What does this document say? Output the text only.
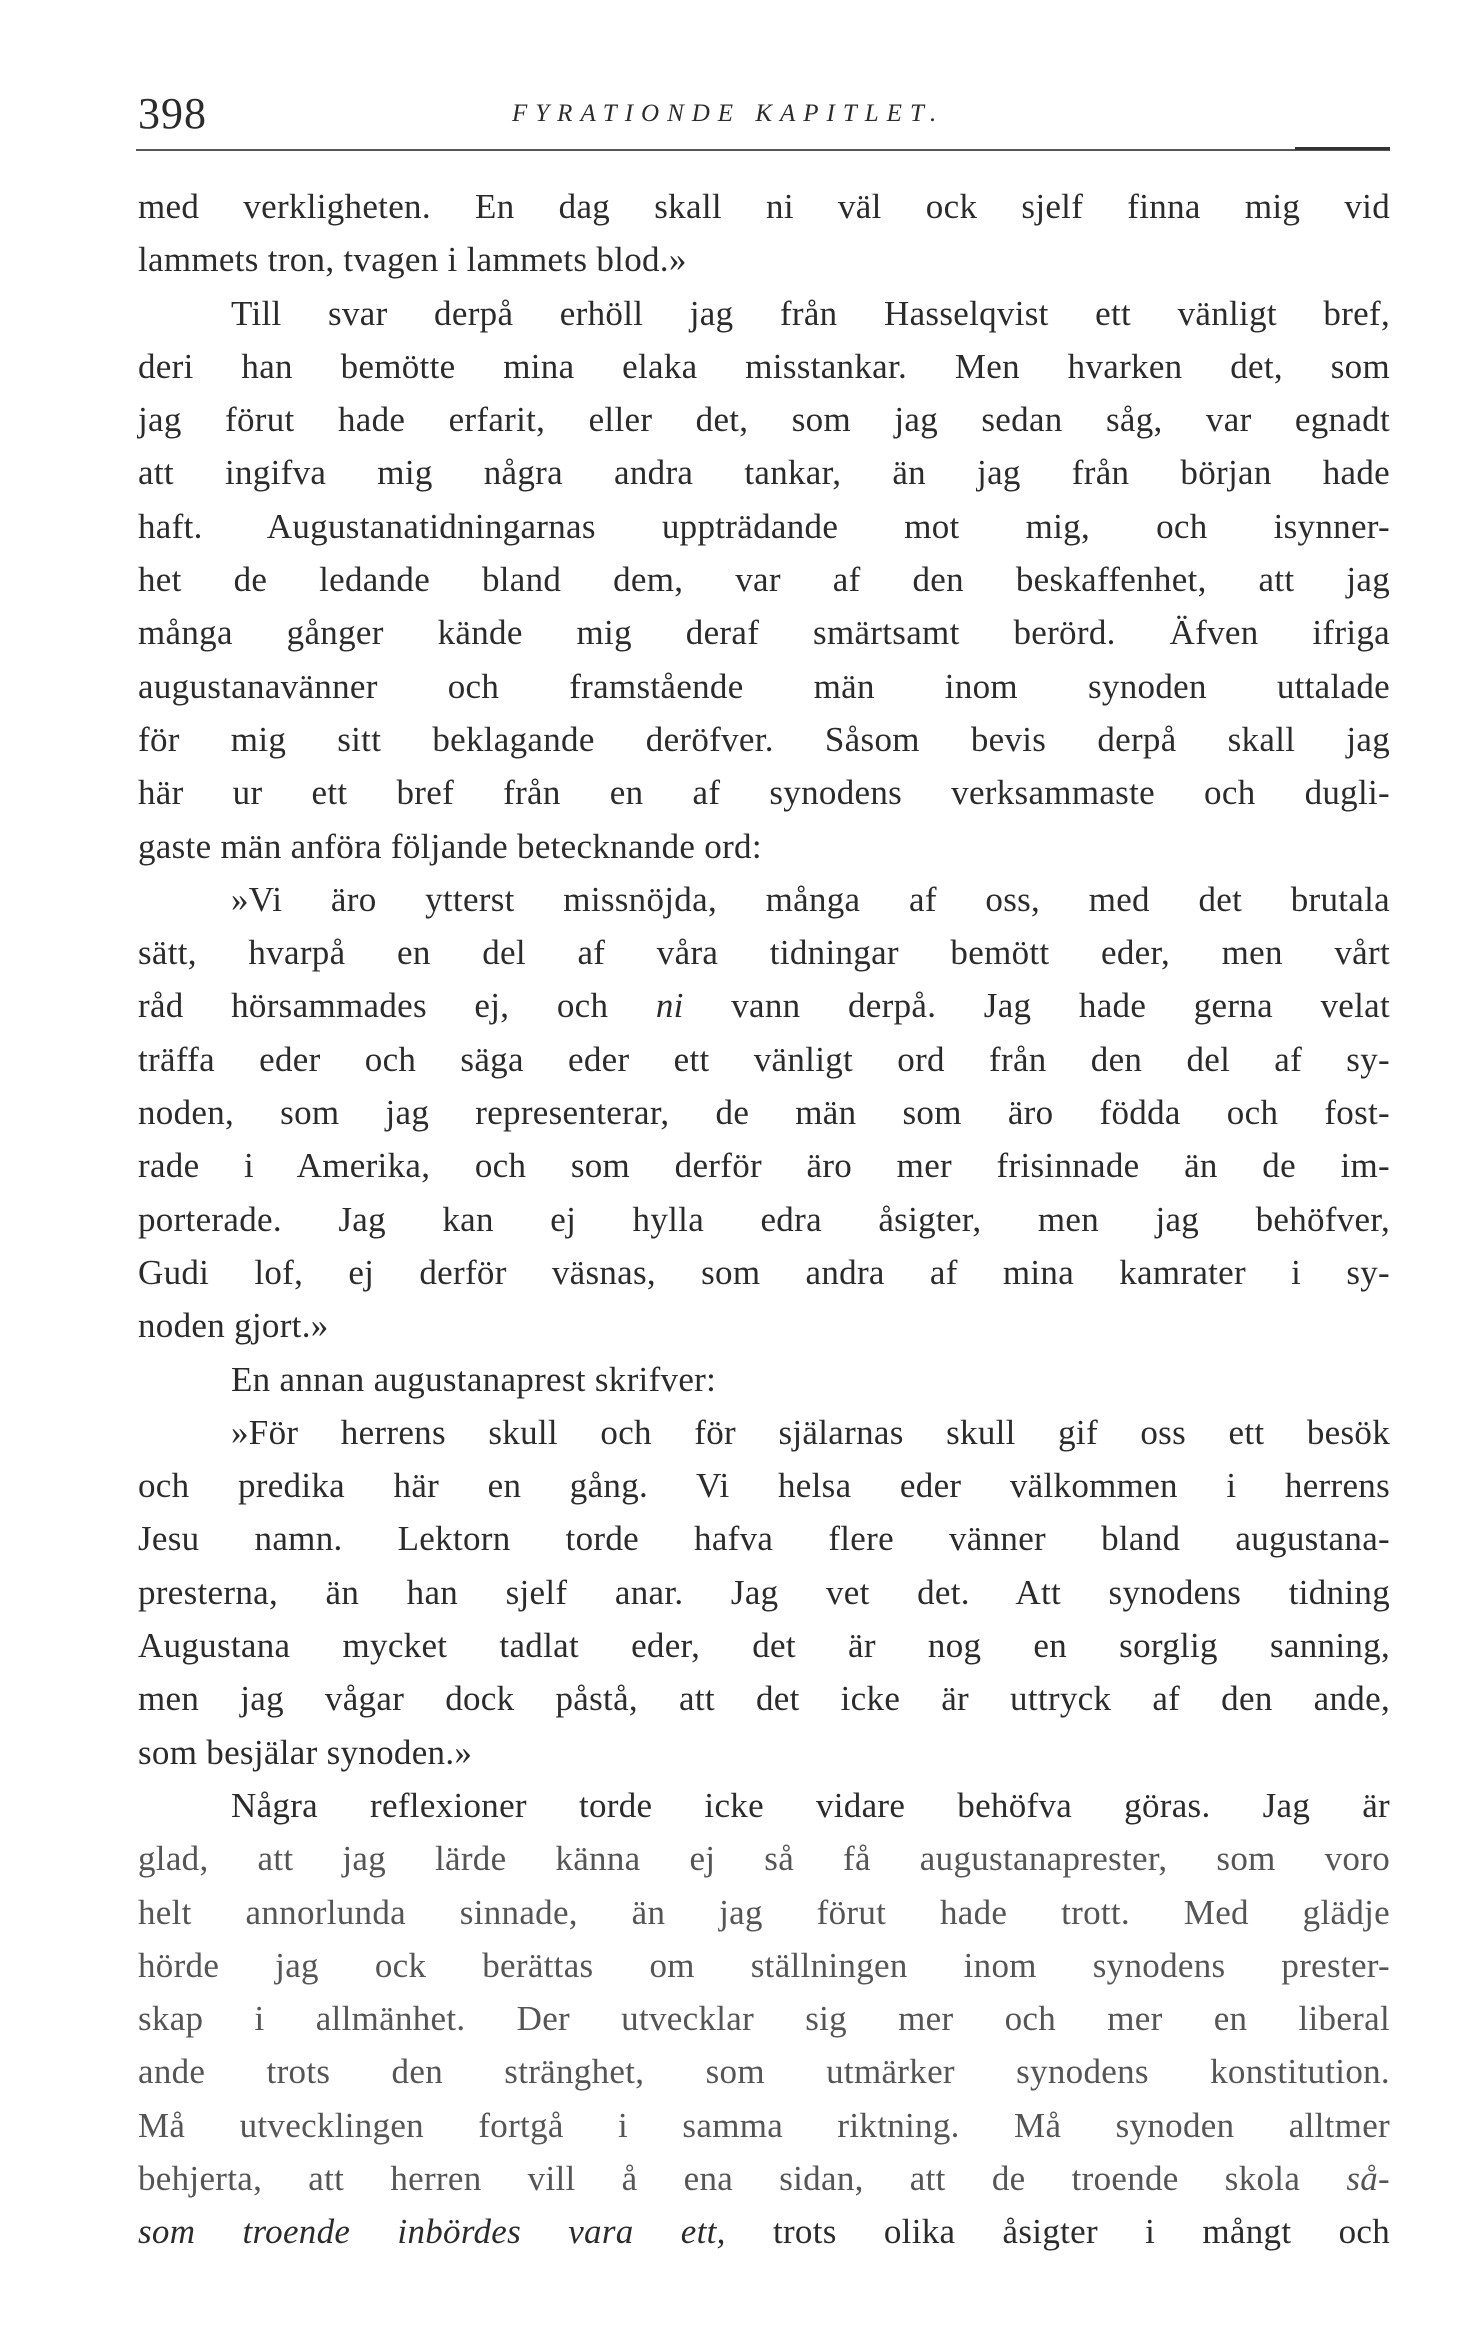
398	FYRATIONDE KAPITLET.
med verkligheten. En dag skall ni väl ock sjelf finna mig vid
lammets tron, tvagen i lammets blod.»
Till svar derpå erhöll jag från Hasselqvist ett vänligt bref,
deri han bemötte mina elaka misstankar. Men hvarken det, som
jag förut hade erfarit, eller det, som jag sedan såg, var egnadt
att ingifva mig några andra tankar, än jag från början hade
haft. Augustanatidningarnas uppträdande mot mig, och isynner-
het de ledande bland dem, var af den beskaffenhet, att jag
många gånger kände mig deraf smärtsamt berörd. Äfven ifriga
augustanavänner och framstående män inom synoden uttalade
för mig sitt beklagande deröfver. Såsom bevis derpå skall jag
här ur ett bref från en af synodens verksammaste och dugli-
gaste män anföra följande betecknande ord:
»Vi äro ytterst missnöjda, många af oss, med det brutala
sätt, hvarpå en del af våra tidningar bemött eder, men vårt
råd hörsammades ej, och ni vann derpå. Jag hade gerna velat
träffa eder och säga eder ett vänligt ord från den del af sy-
noden, som jag representerar, de män som äro födda och fost-
rade i Amerika, och som derför äro mer frisinnade än de im-
porterade. Jag kan ej hylla edra åsigter, men jag behöfver,
Gudi lof, ej derför väsnas, som andra af mina kamrater i sy-
noden gjort.»
En annan augustanaprest skrifver:
»För herrens skull och för själarnas skull gif oss ett besök
och predika här en gång. Vi helsa eder välkommen i herrens
Jesu namn. Lektorn torde hafva flere vänner bland augustana-
presterna, än han sjelf anar. Jag vet det. Att synodens tidning
Augustana mycket tadlat eder, det är nog en sorglig sanning,
men jag vågar dock påstå, att det icke är uttryck af den ande,
som besjälar synoden.»
Några reflexioner torde icke vidare behöfva göras. Jag är
glad, att jag lärde känna ej så få augustanaprester, som voro
helt annorlunda sinnade, än jag förut hade trott. Med glädje
hörde jag ock berättas om ställningen inom synodens prester-
skap i allmänhet. Der utvecklar sig mer och mer en liberal
ande trots den stränghet, som utmärker synodens konstitution.
Må utvecklingen fortgå i samma riktning. Må synoden alltmer
behjerta, att herren vill å ena sidan, att de troende skola så-
som troende inbördes vara ett, trots olika åsigter i mångt och
